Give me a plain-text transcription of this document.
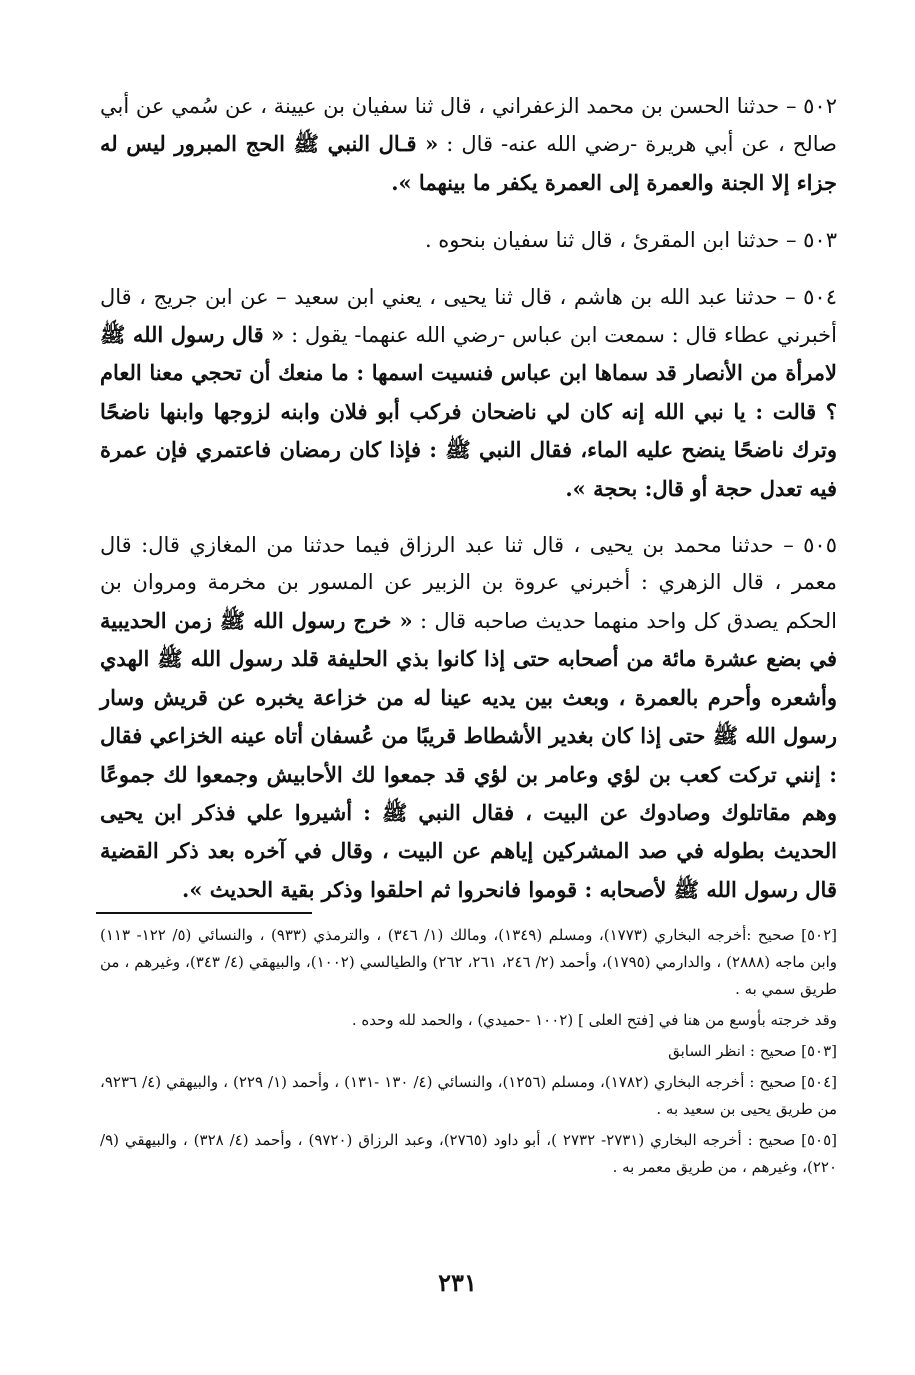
٥٠٢ – حدثنا الحسن بن محمد الزعفراني ، قال ثنا سفيان بن عيينة ، عن سُمي عن أبي صالح ، عن أبي هريرة -رضي الله عنه- قال : « قـال النبي ﷺ الحج المبرور ليس له جزاء إلا الجنة والعمرة إلى العمرة يكفر ما بينهما ».

٥٠٣ – حدثنا ابن المقرئ ، قال ثنا سفيان بنحوه .

٥٠٤ – حدثنا عبد الله بن هاشم ، قال ثنا يحيى ، يعني ابن سعيد – عن ابن جريج ، قال أخبرني عطاء قال : سمعت ابن عباس -رضي الله عنهما- يقول : « قال رسول الله ﷺ لامرأة من الأنصار قد سماها ابن عباس فنسيت اسمها : ما منعك أن تحجي معنا العام ؟ قالت : يا نبي الله إنه كان لي ناضحان فركب أبو فلان وابنه لزوجها وابنها ناضحًا وترك ناضحًا ينضح عليه الماء، فقال النبي ﷺ : فإذا كان رمضان فاعتمري فإن عمرة فيه تعدل حجة أو قال: بحجة ».

٥٠٥ – حدثنا محمد بن يحيى ، قال ثنا عبد الرزاق فيما حدثنا من المغازي قال: قال معمر ، قال الزهري : أخبرني عروة بن الزبير عن المسور بن مخرمة ومروان بن الحكم يصدق كل واحد منهما حديث صاحبه قال : « خرج رسول الله ﷺ زمن الحديبية في بضع عشرة مائة من أصحابه حتى إذا كانوا بذي الحليفة قلد رسول الله ﷺ الهدي وأشعره وأحرم بالعمرة ، وبعث بين يديه عينا له من خزاعة يخبره عن قريش وسار رسول الله ﷺ حتى إذا كان بغدير الأشطاط قريبًا من عُسفان أتاه عينه الخزاعي فقال : إنني تركت كعب بن لؤي وعامر بن لؤي قد جمعوا لك الأحابيش وجمعوا لك جموعًا وهم مقاتلوك وصادوك عن البيت ، فقال النبي ﷺ : أشيروا علي فذكر ابن يحيى الحديث بطوله في صد المشركين إياهم عن البيت ، وقال في آخره بعد ذكر القضية قال رسول الله ﷺ لأصحابه : قوموا فانحروا ثم احلقوا وذكر بقية الحديث ».

[٥٠٢] صحيح :أخرجه البخاري (١٧٧٣)، ومسلم (١٣٤٩)، ومالك (١/ ٣٤٦) ، والترمذي (٩٣٣) ، والنسائي (٥/ ١٢٢- ١١٣) وابن ماجه (٢٨٨٨) ، والدارمي (١٧٩٥)، وأحمد (٢/ ٢٤٦، ٢٦١، ٢٦٢) والطيالسي (١٠٠٢)، والبيهقي (٤/ ٣٤٣)، وغيرهم ، من طريق سمي به .

وقد خرجته بأوسع من هنا في [فتح العلى ] (١٠٠٢ -حميدي) ، والحمد لله وحده .

[٥٠٣] صحيح : انظر السابق

[٥٠٤] صحيح : أخرجه البخاري (١٧٨٢)، ومسلم (١٢٥٦)، والنسائي (٤/ ١٣٠ -١٣١) ، وأحمد (١/ ٢٢٩) ، والبيهقي (٤/ ٩٢٣٦، من طريق يحيى بن سعيد به .

[٥٠٥] صحيح : أخرجه البخاري (٢٧٣١- ٢٧٣٢ )، أبو داود (٢٧٦٥)، وعبد الرزاق (٩٧٢٠) ، وأحمد (٤/ ٣٢٨) ، والبيهقي (٩/ ٢٢٠)، وغيرهم ، من طريق معمر به .

٢٣١
